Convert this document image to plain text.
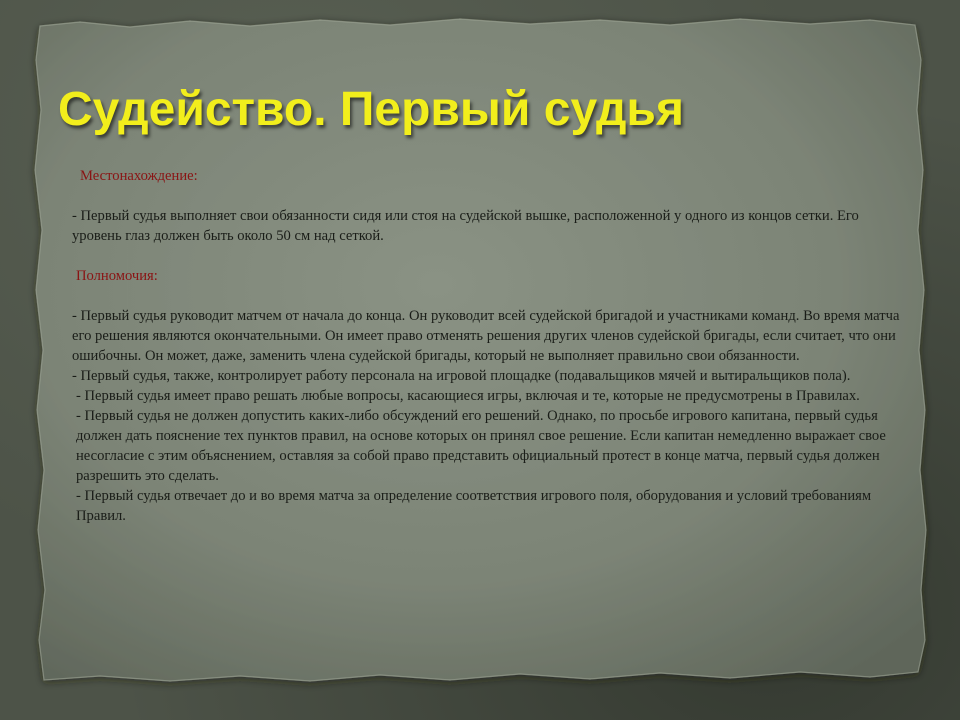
Судейство. Первый судья

Местонахождение:

- Первый судья выполняет свои обязанности сидя или стоя на судейской вышке, расположенной у одного из концов сетки. Его уровень глаз должен быть около 50 см над сеткой.

Полномочия:

- Первый судья руководит матчем от начала до конца. Он руководит всей судейской бригадой и участниками команд. Во время матча его решения являются окончательными. Он имеет право отменять решения других членов судейской бригады, если считает, что они ошибочны. Он может, даже, заменить члена судейской бригады, который не выполняет правильно свои обязанности.

- Первый судья, также, контролирует работу персонала на игровой площадке (подавальщиков мячей и вытиральщиков пола).

- Первый судья имеет право решать любые вопросы, касающиеся игры, включая и те, которые не предусмотрены в Правилах.

- Первый судья не должен допустить каких-либо обсуждений его решений. Однако, по просьбе игрового капитана, первый судья должен дать пояснение тех пунктов правил, на основе которых он принял свое решение. Если капитан немедленно выражает свое несогласие с этим объяснением, оставляя за собой право представить официальный протест в конце матча, первый судья должен разрешить это сделать.

- Первый судья отвечает до и во время матча за определение соответствия игрового поля, оборудования и условий требованиям Правил.
